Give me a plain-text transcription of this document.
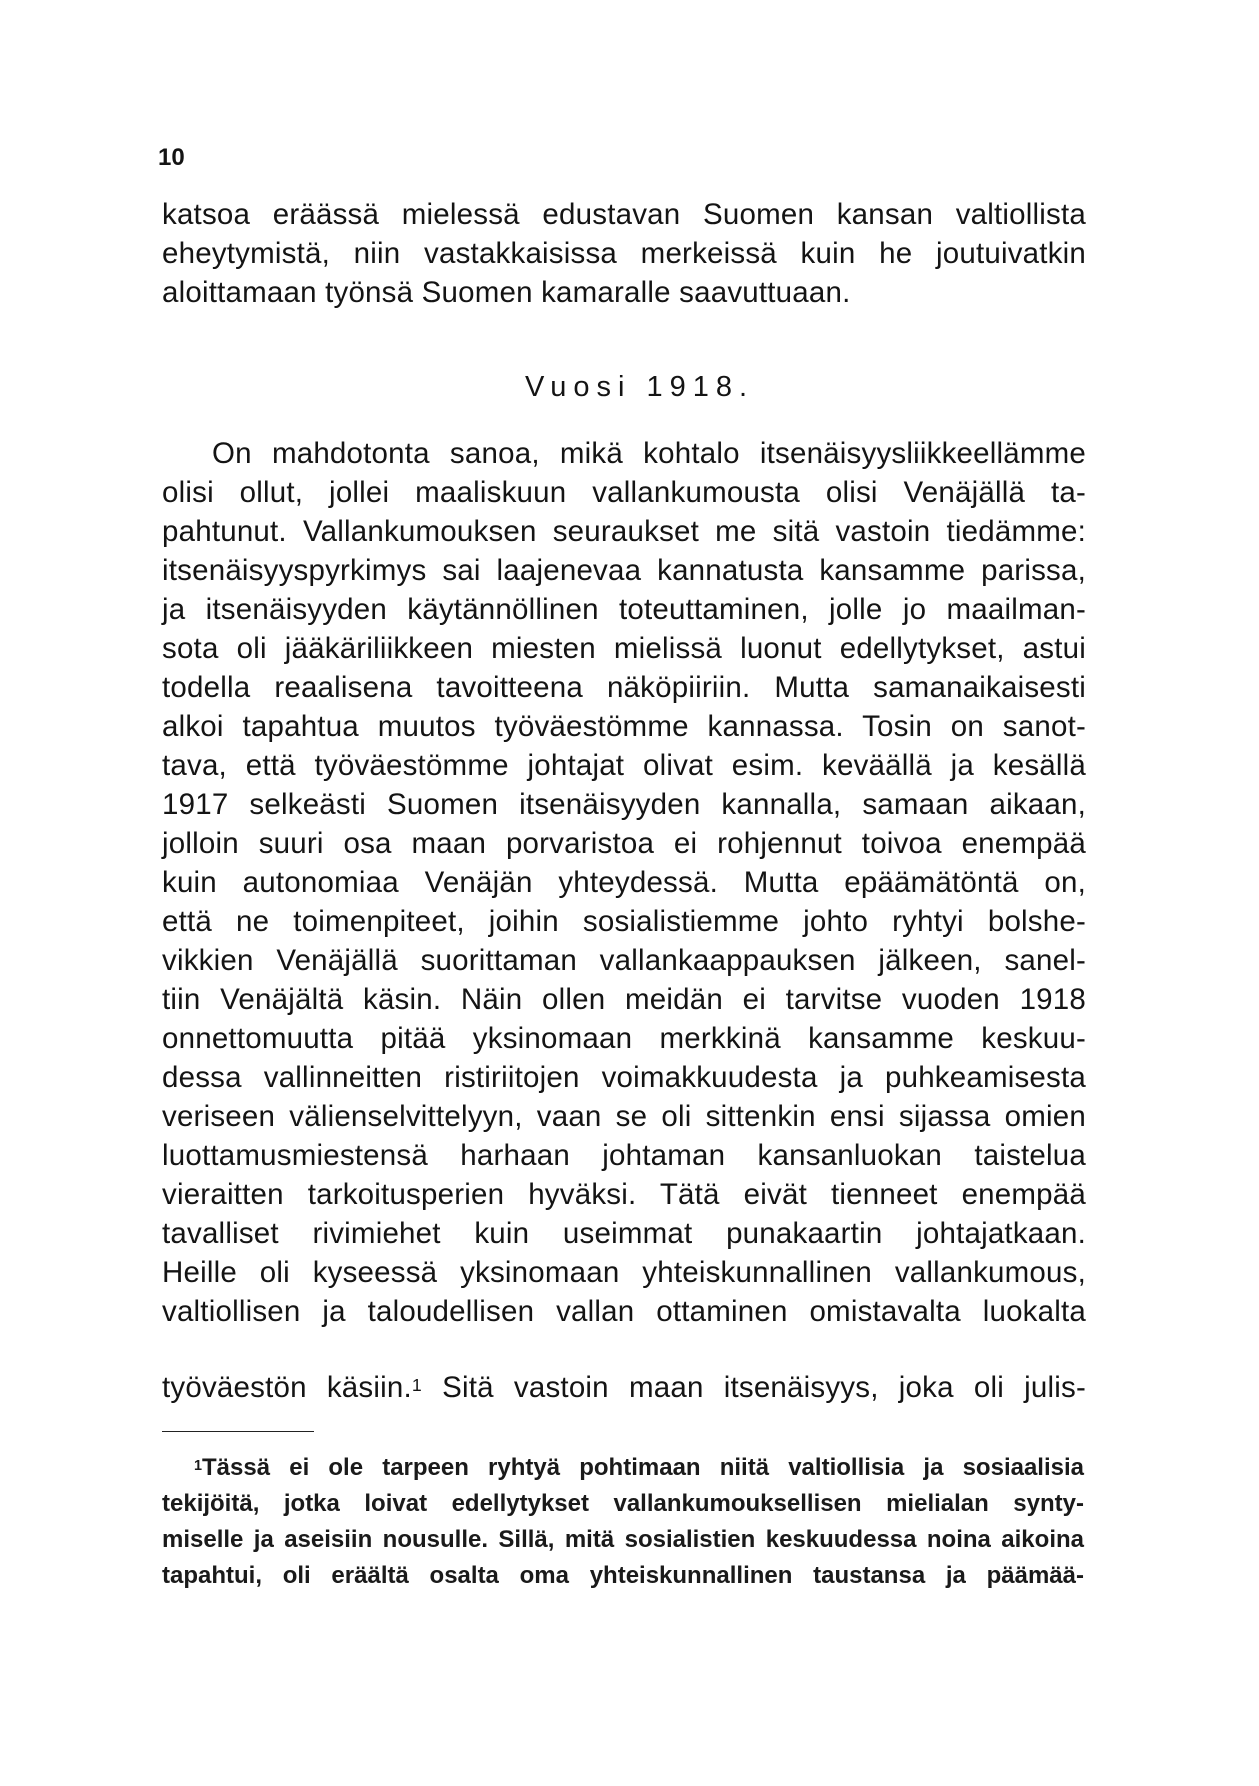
10
katsoa eräässä mielessä edustavan Suomen kansan valtiollista
eheytymistä, niin vastakkaisissa merkeissä kuin he joutuivatkin
aloittamaan työnsä Suomen kamaralle saavuttuaan.
Vuosi 1918.
On mahdotonta sanoa, mikä kohtalo itsenäisyysliikkeellämme
olisi ollut, jollei maaliskuun vallankumousta olisi Venäjällä ta-
pahtunut. Vallankumouksen seuraukset me sitä vastoin tiedämme:
itsenäisyyspyrkimys sai laajenevaa kannatusta kansamme parissa,
ja itsenäisyyden käytännöllinen toteuttaminen, jolle jo maailman-
sota oli jääkäriliikkeen miesten mielissä luonut edellytykset, astui
todella reaalisena tavoitteena näköpiiriin. Mutta samanaikaisesti
alkoi tapahtua muutos työväestömme kannassa. Tosin on sanot-
tava, että työväestömme johtajat olivat esim. keväällä ja kesällä
1917 selkeästi Suomen itsenäisyyden kannalla, samaan aikaan,
jolloin suuri osa maan porvaristoa ei rohjennut toivoa enempää
kuin autonomiaa Venäjän yhteydessä. Mutta epäämätöntä on,
että ne toimenpiteet, joihin sosialistiemme johto ryhtyi bolshe-
vikkien Venäjällä suorittaman vallankaappauksen jälkeen, sanel-
tiin Venäjältä käsin. Näin ollen meidän ei tarvitse vuoden 1918
onnettomuutta pitää yksinomaan merkkinä kansamme keskuu-
dessa vallinneitten ristiriitojen voimakkuudesta ja puhkeamisesta
veriseen välienselvittelyyn, vaan se oli sittenkin ensi sijassa omien
luottamusmiestensä harhaan johtaman kansanluokan taistelua
vieraitten tarkoitusperien hyväksi. Tätä eivät tienneet enempää
tavalliset rivimiehet kuin useimmat punakaartin johtajatkaan.
Heille oli kyseessä yksinomaan yhteiskunnallinen vallankumous,
valtiollisen ja taloudellisen vallan ottaminen omistavalta luokalta
työväestön käsiin.$^1$ Sitä vastoin maan itsenäisyys, joka oli julis-
$^1$Tässä ei ole tarpeen ryhtyä pohtimaan niitä valtiollisia ja sosiaalisia
tekijöitä, jotka loivat edellytykset vallankumouksellisen mielialan synty-
miselle ja aseisiin nousulle. Sillä, mitä sosialistien keskuudessa noina aikoina
tapahtui, oli eräältä osalta oma yhteiskunnallinen taustansa ja päämää-
